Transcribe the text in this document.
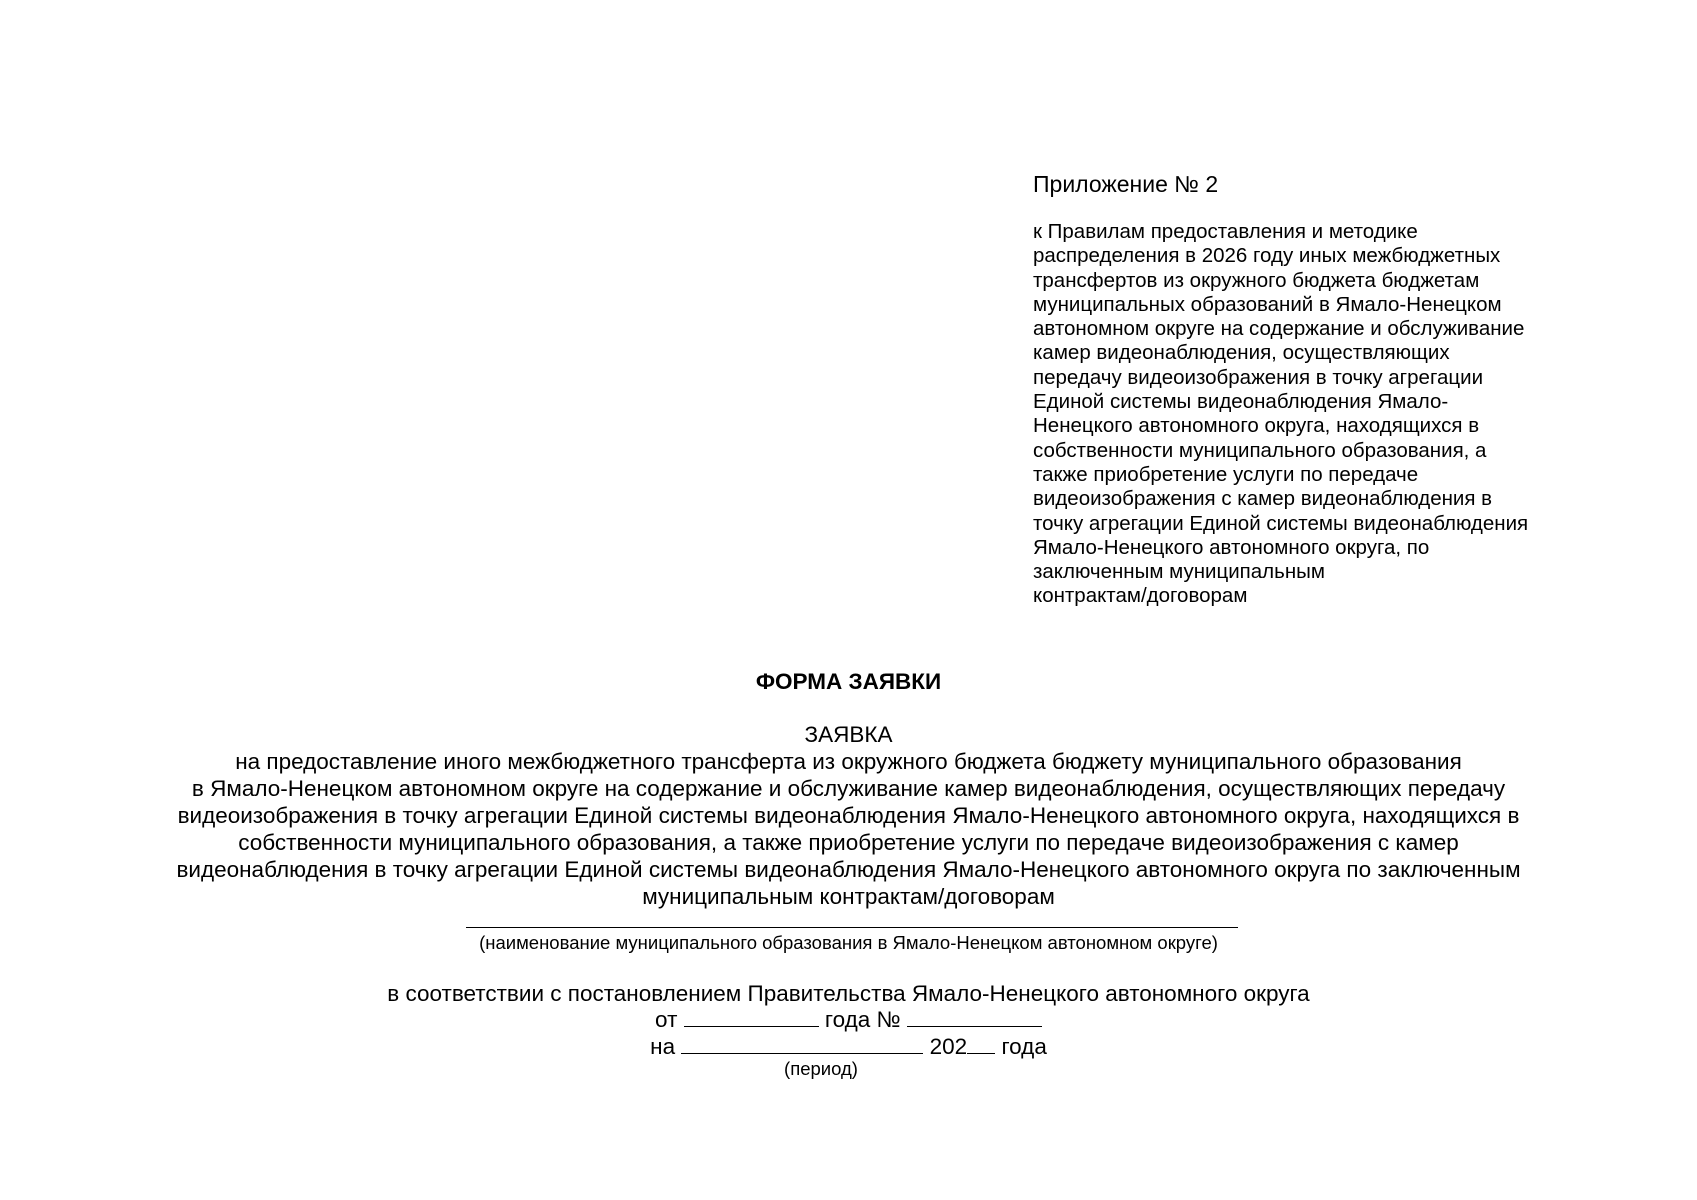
Приложение № 2
к Правилам предоставления и методике
распределения в 2026 году иных межбюджетных
трансфертов из окружного бюджета бюджетам
муниципальных образований в Ямало-Ненецком
автономном округе на содержание и обслуживание
камер видеонаблюдения, осуществляющих
передачу видеоизображения в точку агрегации
Единой системы видеонаблюдения Ямало-
Ненецкого автономного округа, находящихся в
собственности муниципального образования, а
также приобретение услуги по передаче
видеоизображения с камер видеонаблюдения в
точку агрегации Единой системы видеонаблюдения
Ямало-Ненецкого автономного округа, по
заключенным муниципальным
контрактам/договорам
ФОРМА ЗАЯВКИ
ЗАЯВКА
на предоставление иного межбюджетного трансферта из окружного бюджета бюджету муниципального образования
в Ямало-Ненецком автономном округе на содержание и обслуживание камер видеонаблюдения, осуществляющих передачу
видеоизображения в точку агрегации Единой системы видеонаблюдения Ямало-Ненецкого автономного округа, находящихся в
собственности муниципального образования, а также приобретение услуги по передаче видеоизображения с камер
видеонаблюдения в точку агрегации Единой системы видеонаблюдения Ямало-Ненецкого автономного округа по заключенным
муниципальным контрактам/договорам
(наименование муниципального образования в Ямало-Ненецком автономном округе)
в соответствии с постановлением Правительства Ямало-Ненецкого автономного округа
от	года №
на	202 года
(период)
